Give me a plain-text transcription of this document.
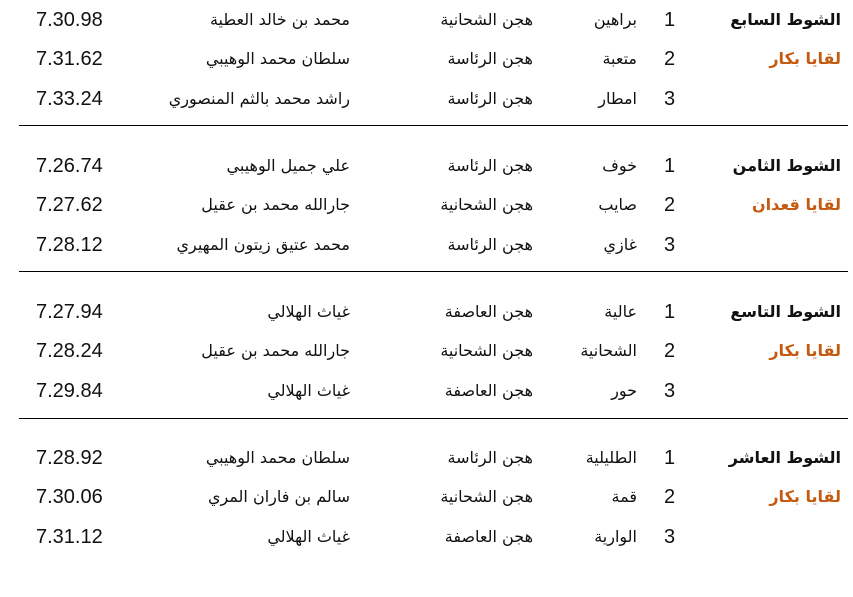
7.30.98	محمد بن خالد العطية	هجن الشحانية	براهين 1	الشوط السابع
7.31.62	سلطان محمد الوهيبي	هجن الرئاسة	متعبة 2	لقايا بكار
7.33.24	راشد محمد بالثم المنصوري	هجن الرئاسة	امطار 3
7.26.74	علي جميل الوهيبي	هجن الرئاسة	خوف 1	الشوط الثامن
7.27.62	جارالله محمد بن عقيل	هجن الشحانية	صايب 2	لقايا قعدان
7.28.12	محمد عتيق زيتون المهيري	هجن الرئاسة	غازي 3
7.27.94	غياث الهلالي	هجن العاصفة	عالية 1	الشوط التاسع
7.28.24	جارالله محمد بن عقيل	هجن الشحانية	الشحانية 2	لقايا بكار
7.29.84	غياث الهلالي	هجن العاصفة	حور 3
7.28.92	سلطان محمد الوهيبي	هجن الرئاسة	الطليلية 1	الشوط العاشر
7.30.06	سالم بن فاران المري	هجن الشحانية	قمة 2	لقايا بكار
7.31.12	غياث الهلالي	هجن العاصفة	الوارية 3
